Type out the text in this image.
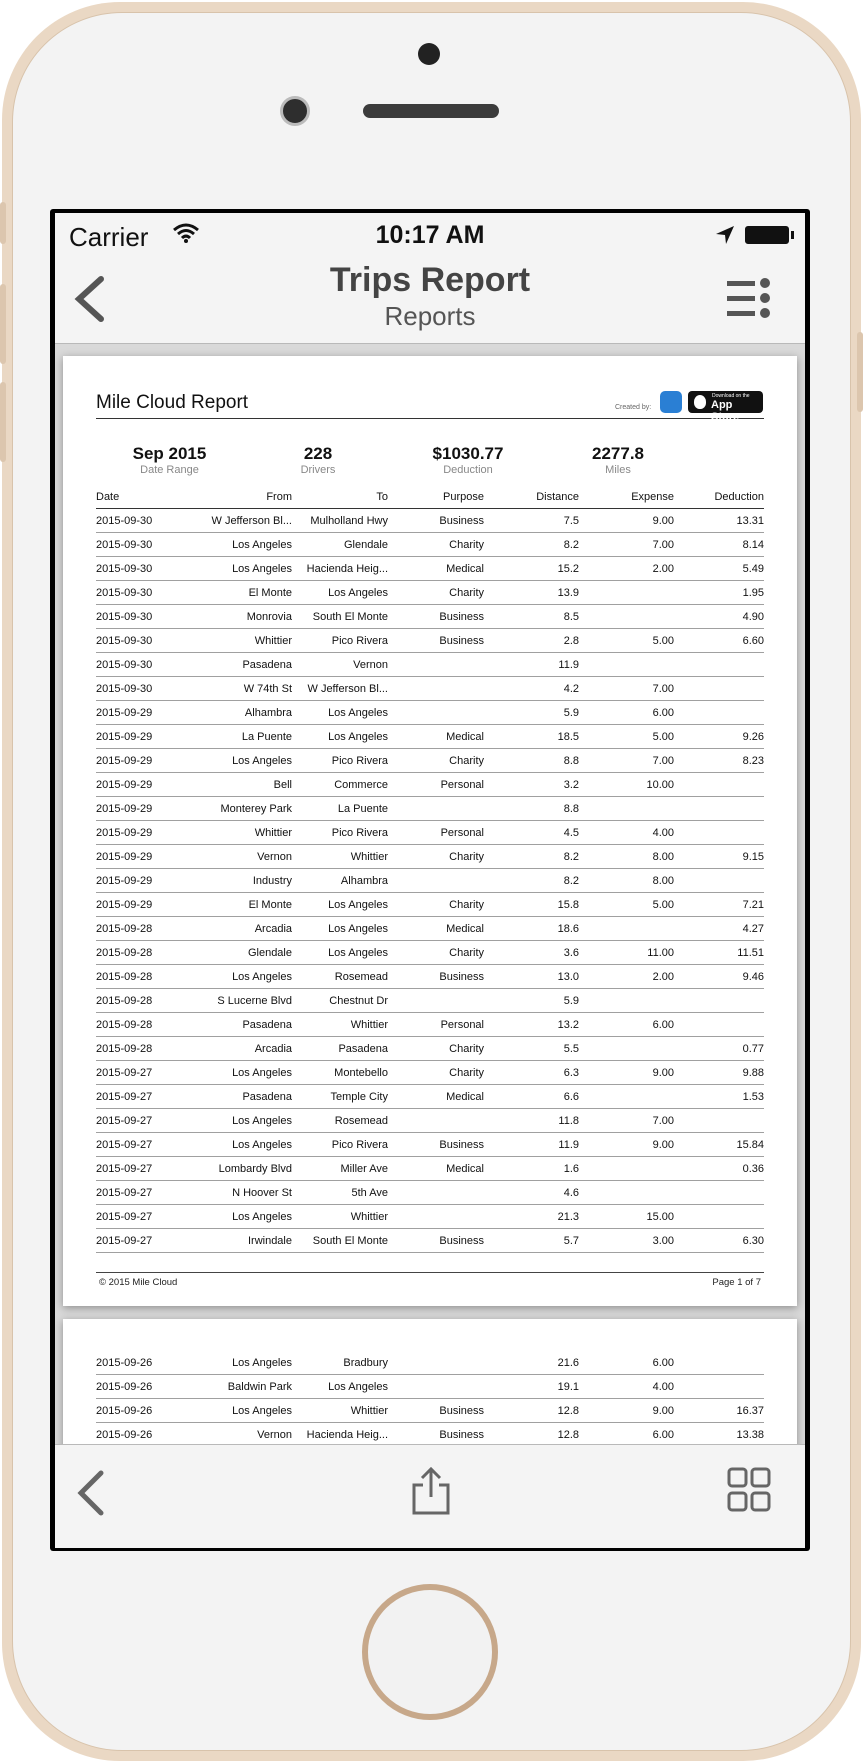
Carrier	10:17 AM
Trips Report
Reports
Mile Cloud Report	Created by:
Download on the
App Store
Sep 2015
Date Range
228
Drivers
$1030.77
Deduction
2277.8
Miles
Date	From	To	Purpose	Distance	Expense	Deduction
2015-09-30	W Jefferson Bl...	Mulholland Hwy	Business	7.5	9.00	13.31
2015-09-30	Los Angeles	Glendale	Charity	8.2	7.00	8.14
2015-09-30	Los Angeles	Hacienda Heig...	Medical	15.2	2.00	5.49
2015-09-30	El Monte	Los Angeles	Charity	13.9		1.95
2015-09-30	Monrovia	South El Monte	Business	8.5		4.90
2015-09-30	Whittier	Pico Rivera	Business	2.8	5.00	6.60
2015-09-30	Pasadena	Vernon		11.9		
2015-09-30	W 74th St	W Jefferson Bl...		4.2	7.00	
2015-09-29	Alhambra	Los Angeles		5.9	6.00	
2015-09-29	La Puente	Los Angeles	Medical	18.5	5.00	9.26
2015-09-29	Los Angeles	Pico Rivera	Charity	8.8	7.00	8.23
2015-09-29	Bell	Commerce	Personal	3.2	10.00	
2015-09-29	Monterey Park	La Puente		8.8		
2015-09-29	Whittier	Pico Rivera	Personal	4.5	4.00	
2015-09-29	Vernon	Whittier	Charity	8.2	8.00	9.15
2015-09-29	Industry	Alhambra		8.2	8.00	
2015-09-29	El Monte	Los Angeles	Charity	15.8	5.00	7.21
2015-09-28	Arcadia	Los Angeles	Medical	18.6		4.27
2015-09-28	Glendale	Los Angeles	Charity	3.6	11.00	11.51
2015-09-28	Los Angeles	Rosemead	Business	13.0	2.00	9.46
2015-09-28	S Lucerne Blvd	Chestnut Dr		5.9		
2015-09-28	Pasadena	Whittier	Personal	13.2	6.00	
2015-09-28	Arcadia	Pasadena	Charity	5.5		0.77
2015-09-27	Los Angeles	Montebello	Charity	6.3	9.00	9.88
2015-09-27	Pasadena	Temple City	Medical	6.6		1.53
2015-09-27	Los Angeles	Rosemead		11.8	7.00	
2015-09-27	Los Angeles	Pico Rivera	Business	11.9	9.00	15.84
2015-09-27	Lombardy Blvd	Miller Ave	Medical	1.6		0.36
2015-09-27	N Hoover St	5th Ave		4.6		
2015-09-27	Los Angeles	Whittier		21.3	15.00	
2015-09-27	Irwindale	South El Monte	Business	5.7	3.00	6.30
© 2015 Mile Cloud	Page 1 of 7
2015-09-26	Los Angeles	Bradbury		21.6	6.00	
2015-09-26	Baldwin Park	Los Angeles		19.1	4.00	
2015-09-26	Los Angeles	Whittier	Business	12.8	9.00	16.37
2015-09-26	Vernon	Hacienda Heig...	Business	12.8	6.00	13.38
